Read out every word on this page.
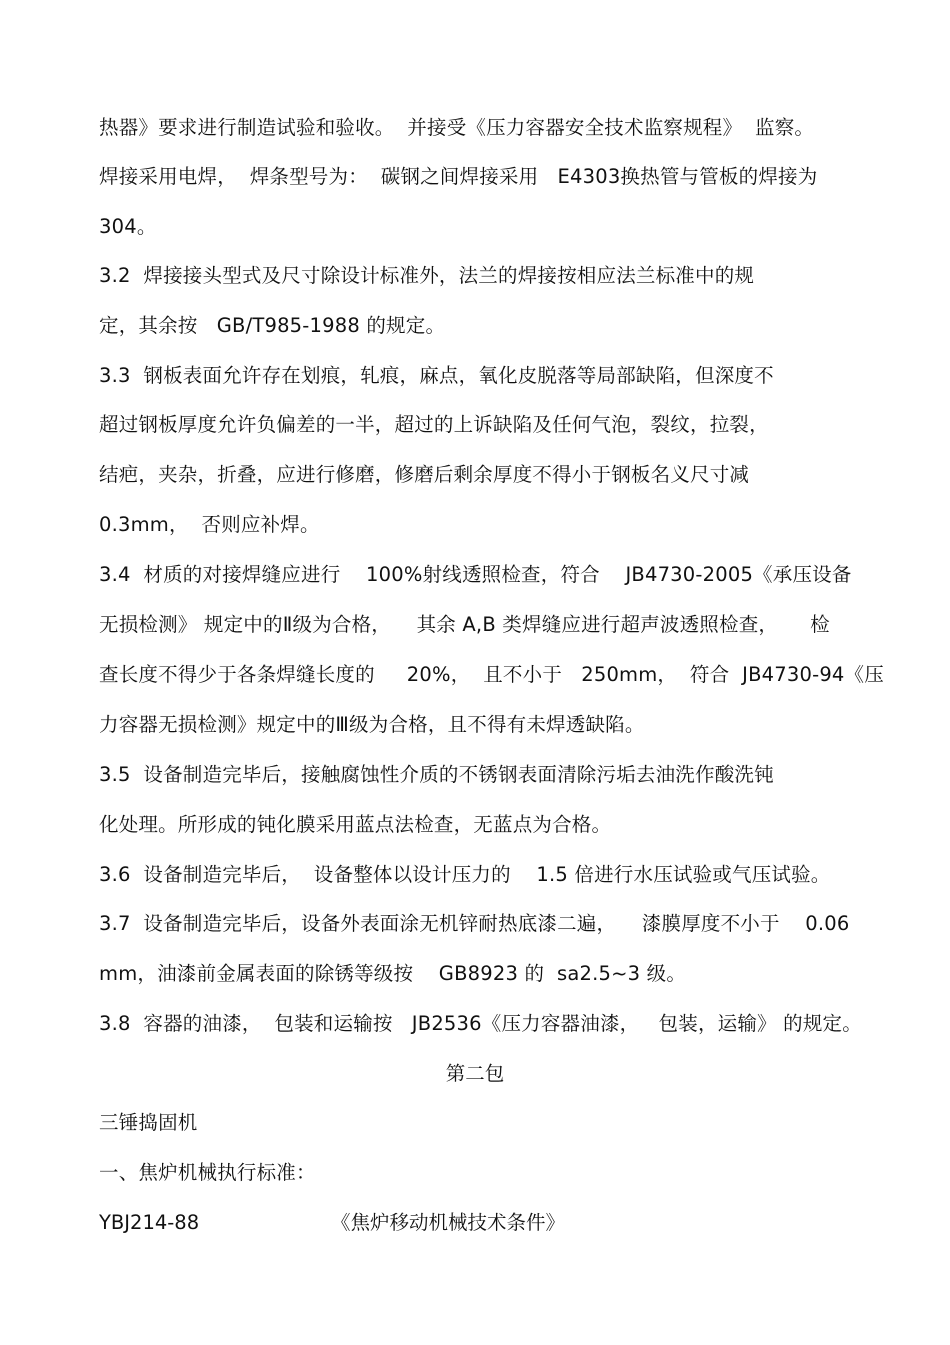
热器》要求进行制造试验和验收。  并接受《压力容器安全技术监察规程》  监察。
焊接采用电焊，  焊条型号为：  碳钢之间焊接采用   E4303换热管与管板的焊接为
304。
3.2  焊接接头型式及尺寸除设计标准外，法兰的焊接按相应法兰标准中的规
定，其余按   GB/T985-1988 的规定。
3.3  钢板表面允许存在划痕，轧痕，麻点，氧化皮脱落等局部缺陷，但深度不
超过钢板厚度允许负偏差的一半，超过的上诉缺陷及任何气泡，裂纹，拉裂，
结疤，夹杂，折叠，应进行修磨，修磨后剩余厚度不得小于钢板名义尺寸减
0.3mm，  否则应补焊。
3.4  材质的对接焊缝应进行    100%射线透照检查，符合    JB4730-2005《承压设备
无损检测》 规定中的Ⅱ级为合格，    其余 A,B 类焊缝应进行超声波透照检查，     检
查长度不得少于各条焊缝长度的     20%，  且不小于   250mm，  符合  JB4730-94《压
力容器无损检测》规定中的Ⅲ级为合格，且不得有未焊透缺陷。
3.5  设备制造完毕后，接触腐蚀性介质的不锈钢表面清除污垢去油洗作酸洗钝
化处理。所形成的钝化膜采用蓝点法检查，无蓝点为合格。
3.6  设备制造完毕后，  设备整体以设计压力的    1.5 倍进行水压试验或气压试验。
3.7  设备制造完毕后，设备外表面涂无机锌耐热底漆二遍，    漆膜厚度不小于    0.06
mm，油漆前金属表面的除锈等级按    GB8923 的  sa2.5~3 级。
3.8  容器的油漆，  包装和运输按   JB2536《压力容器油漆，   包装，运输》 的规定。
第二包
三锤捣固机
一、焦炉机械执行标准：
YBJ214-88	《焦炉移动机械技术条件》
